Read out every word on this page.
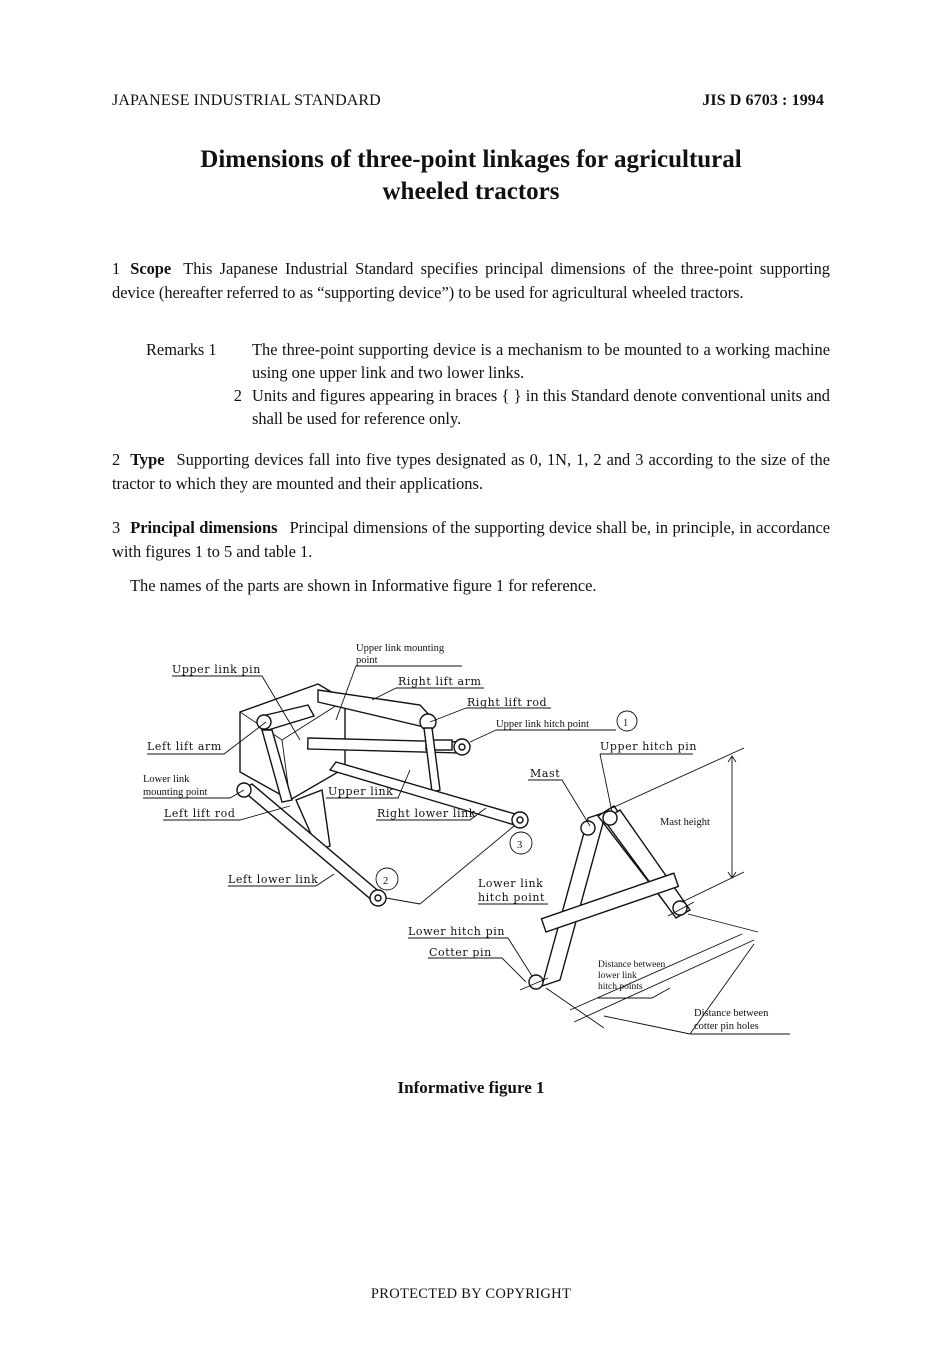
JAPANESE INDUSTRIAL STANDARD	JIS D 6703 : 1994
Dimensions of three-point linkages for agricultural
wheeled tractors

1 Scope This Japanese Industrial Standard specifies principal dimensions of the three-point supporting device (hereafter referred to as “supporting device”) to be used for agricultural wheeled tractors.

Remarks 1	The three-point supporting device is a mechanism to be mounted to a working machine using one upper link and two lower links.
2 Units and figures appearing in braces { } in this Standard denote conventional units and shall be used for reference only.

2 Type Supporting devices fall into five types designated as 0, 1N, 1, 2 and 3 according to the size of the tractor to which they are mounted and their applications.

3 Principal dimensions Principal dimensions of the supporting device shall be, in principle, in accordance with figures 1 to 5 and table 1.

The names of the parts are shown in Informative figure 1 for reference.

1
2
3
Upper link mounting
point
Upper link pin
Right lift arm
Right lift rod
Upper link hitch point
Left lift arm	Upper hitch pin
Lower link
mounting point
Mast
Upper link
Left lift rod	Right lower link
Mast height
Left lower link	Lower link
hitch point
Lower hitch pin
Cotter pin
Distance between
lower link
hitch points
Distance between
cotter pin holes
Informative figure 1
PROTECTED BY COPYRIGHT
